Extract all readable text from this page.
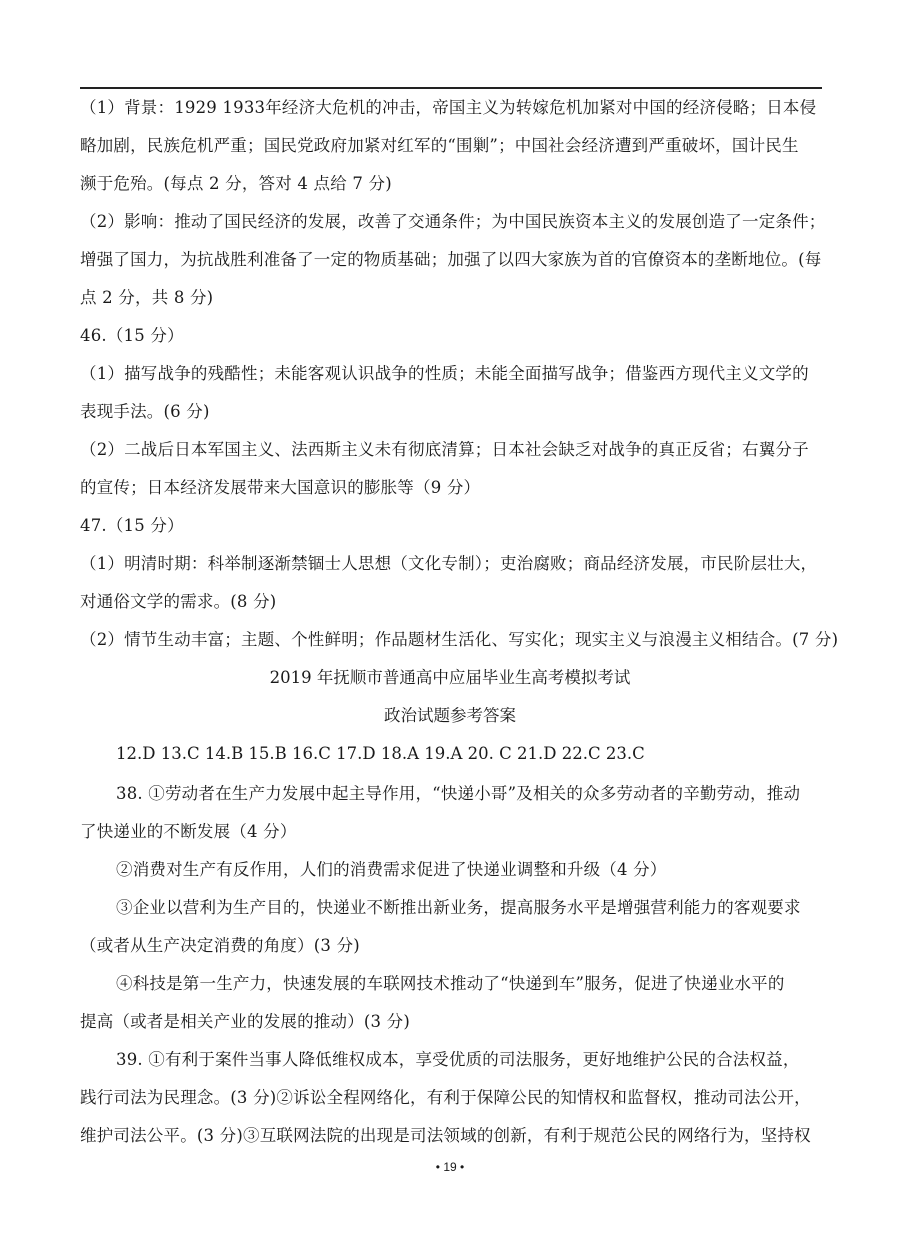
（1）背景：1929 1933年经济大危机的冲击，帝国主义为转嫁危机加紧对中国的经济侵略；日本侵
略加剧，民族危机严重；国民党政府加紧对红军的“围剿”；中国社会经济遭到严重破坏，国计民生
濒于危殆。(每点 2 分，答对 4 点给 7 分)
（2）影响：推动了国民经济的发展，改善了交通条件；为中国民族资本主义的发展创造了一定条件；
增强了国力，为抗战胜利准备了一定的物质基础；加强了以四大家族为首的官僚资本的垄断地位。(每
点 2 分，共 8 分)
46.（15 分）
（1）描写战争的残酷性；未能客观认识战争的性质；未能全面描写战争；借鉴西方现代主义文学的
表现手法。(6 分)
（2）二战后日本军国主义、法西斯主义未有彻底清算；日本社会缺乏对战争的真正反省；右翼分子
的宣传；日本经济发展带来大国意识的膨胀等（9 分）
47.（15 分）
（1）明清时期：科举制逐渐禁锢士人思想（文化专制）；吏治腐败；商品经济发展，市民阶层壮大，
对通俗文学的需求。(8 分)
（2）情节生动丰富；主题、个性鲜明；作品题材生活化、写实化；现实主义与浪漫主义相结合。(7 分)
2019 年抚顺市普通高中应届毕业生高考模拟考试
政治试题参考答案
12.D 13.C 14.B 15.B 16.C 17.D 18.A 19.A 20. C 21.D 22.C 23.C
38. ①劳动者在生产力发展中起主导作用，“快递小哥”及相关的众多劳动者的辛勤劳动，推动
了快递业的不断发展（4 分）
②消费对生产有反作用，人们的消费需求促进了快递业调整和升级（4 分）
③企业以营利为生产目的，快递业不断推出新业务，提高服务水平是增强营利能力的客观要求
（或者从生产决定消费的角度）(3 分)
④科技是第一生产力，快速发展的车联网技术推动了“快递到车”服务，促进了快递业水平的
提高（或者是相关产业的发展的推动）(3 分)
39. ①有利于案件当事人降低维权成本，享受优质的司法服务，更好地维护公民的合法权益，
践行司法为民理念。(3 分)②诉讼全程网络化，有利于保障公民的知情权和监督权，推动司法公开，
维护司法公平。(3 分)③互联网法院的出现是司法领域的创新，有利于规范公民的网络行为，坚持权
• 19 •
